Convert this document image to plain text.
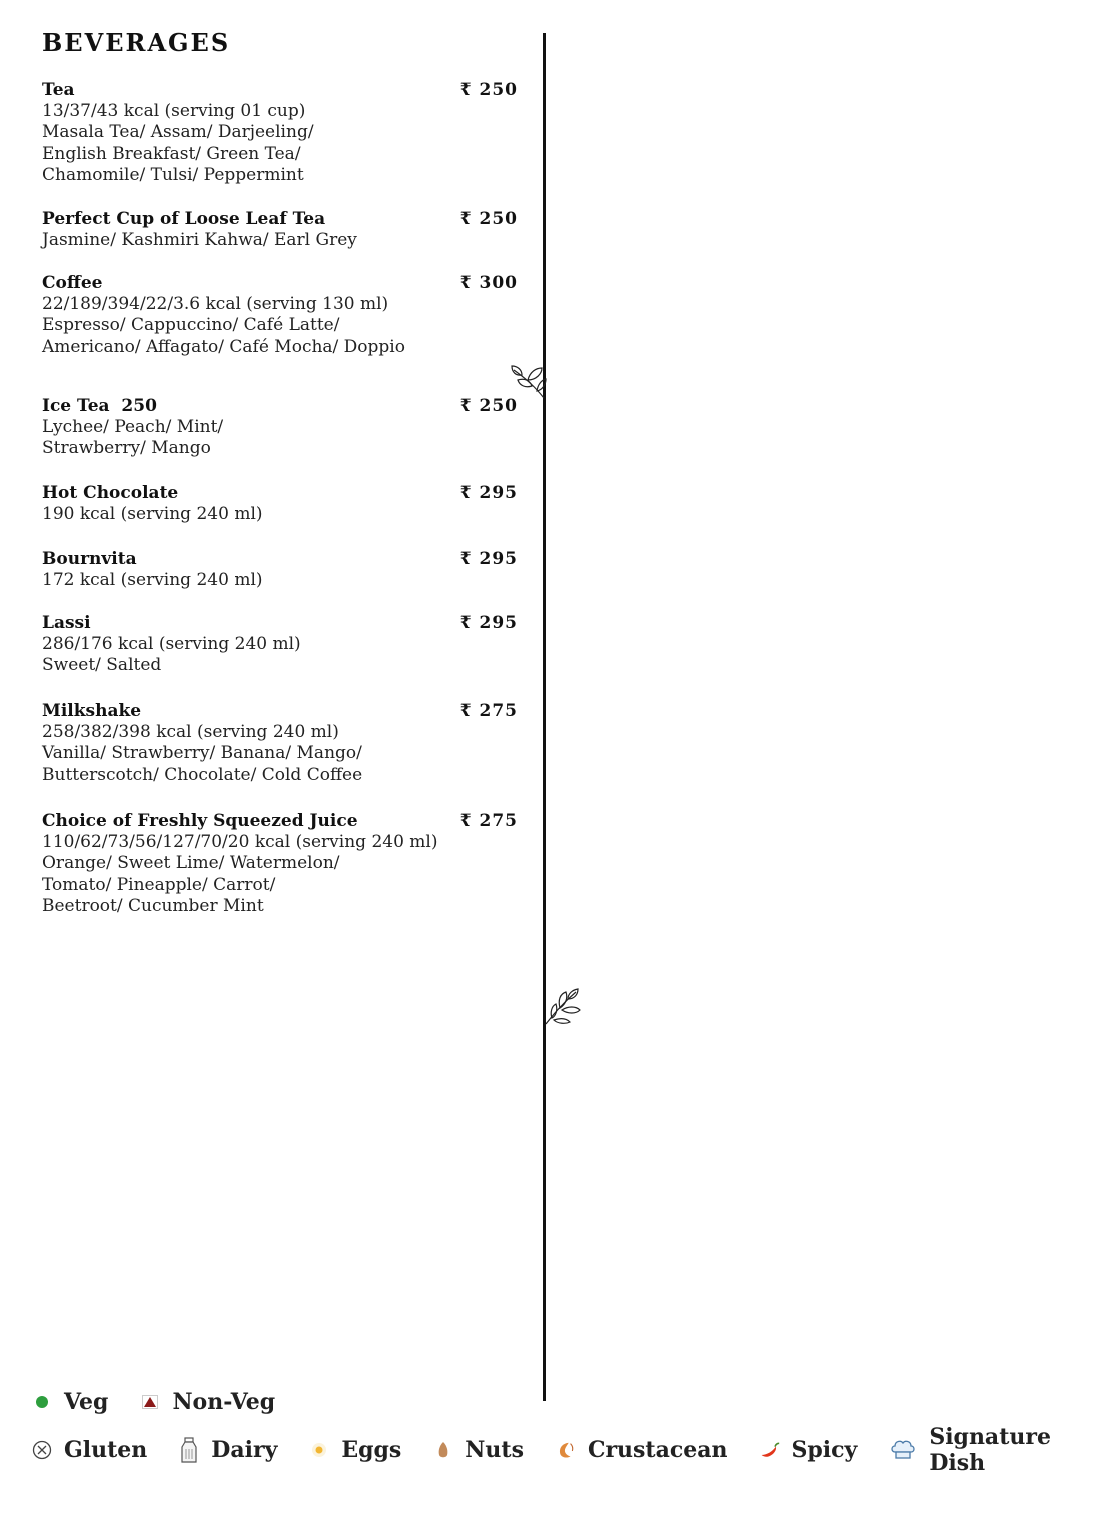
BEVERAGES
Tea	₹ 250
13/37/43 kcal (serving 01 cup)
Masala Tea/ Assam/ Darjeeling/
English Breakfast/ Green Tea/
Chamomile/ Tulsi/ Peppermint
Perfect Cup of Loose Leaf Tea	₹ 250
Jasmine/ Kashmiri Kahwa/ Earl Grey
Coffee	₹ 300
22/189/394/22/3.6 kcal (serving 130 ml)
Espresso/ Cappuccino/ Café Latte/
Americano/ Affagato/ Café Mocha/ Doppio
Ice Tea  250	₹ 250
Lychee/ Peach/ Mint/
Strawberry/ Mango
Hot Chocolate	₹ 295
190 kcal (serving 240 ml)
Bournvita	₹ 295
172 kcal (serving 240 ml)
Lassi	₹ 295
286/176 kcal (serving 240 ml)
Sweet/ Salted
Milkshake	₹ 275
258/382/398 kcal (serving 240 ml)
Vanilla/ Strawberry/ Banana/ Mango/
Butterscotch/ Chocolate/ Cold Coffee
Choice of Freshly Squeezed Juice	₹ 275
110/62/73/56/127/70/20 kcal (serving 240 ml)
Orange/ Sweet Lime/ Watermelon/
Tomato/ Pineapple/ Carrot/
Beetroot/ Cucumber Mint
Veg	Non-Veg
Gluten	Dairy	Eggs	Nuts	Crustacean	Spicy	Signature Dish
